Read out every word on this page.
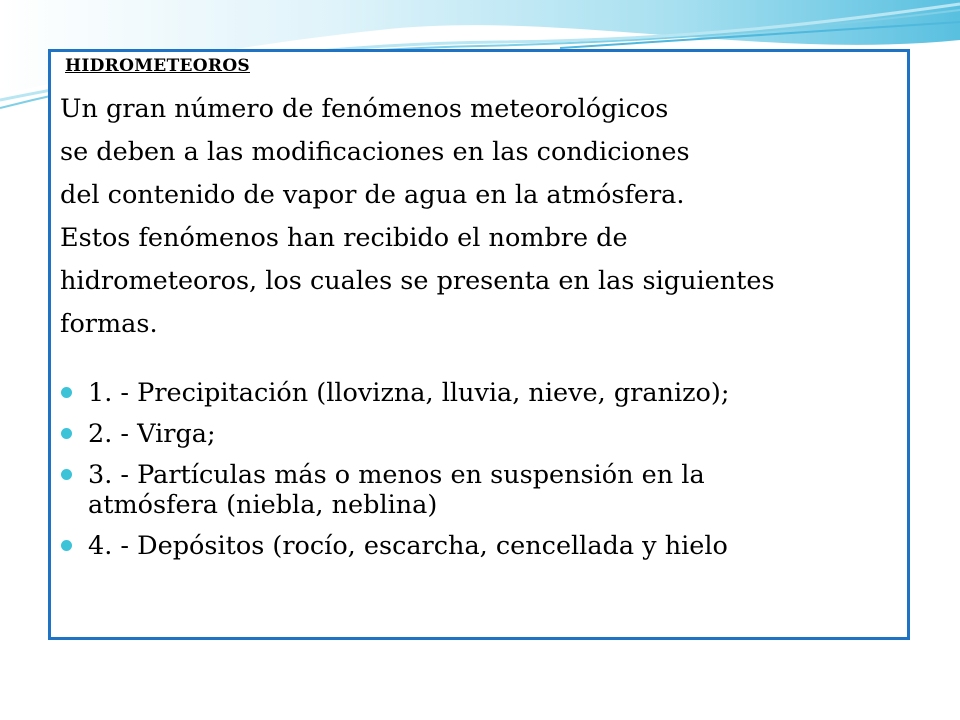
HIDROMETEOROS

Un gran número de fenómenos meteorológicos
se deben a las modificaciones en las condiciones
del contenido de vapor de agua en la atmósfera.
Estos fenómenos han recibido el nombre de
hidrometeoros, los cuales se presenta en las siguientes
formas.

1. - Precipitación (llovizna, lluvia, nieve, granizo);
2. - Virga;
3. - Partículas más o menos en suspensión en la
atmósfera (niebla, neblina)
4. - Depósitos (rocío, escarcha, cencellada y hielo
